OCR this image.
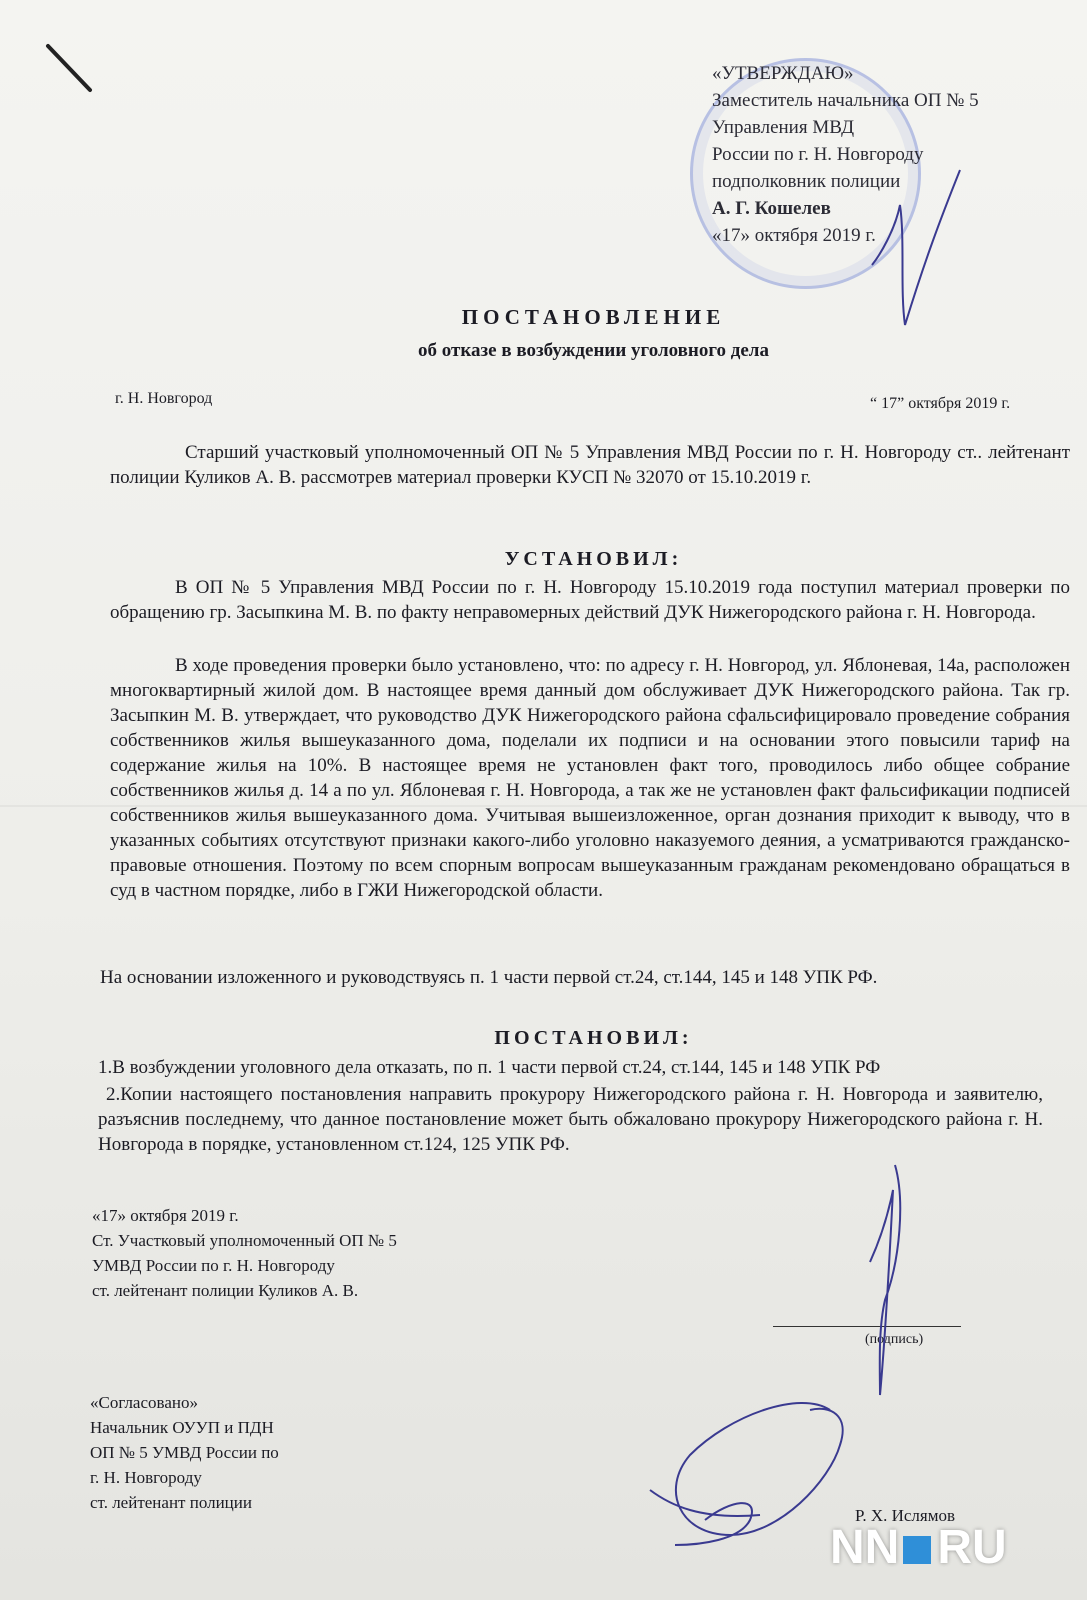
«УТВЕРЖДАЮ»
Заместитель начальника ОП № 5
Управления МВД
России по г. Н. Новгороду
подполковник полиции
А. Г. Кошелев
«17» октября 2019 г.
ПОСТАНОВЛЕНИЕ
об отказе в возбуждении уголовного дела
г. Н. Новгород	“ 17” октября 2019 г.
Старший участковый уполномоченный ОП № 5 Управления МВД России по г. Н. Новгороду ст.. лейтенант полиции Куликов А. В. рассмотрев материал проверки КУСП № 32070 от 15.10.2019 г.
УСТАНОВИЛ:
В ОП № 5 Управления МВД России по г. Н. Новгороду 15.10.2019 года поступил материал проверки по обращению гр. Засыпкина М. В. по факту неправомерных действий ДУК Нижегородского района г. Н. Новгорода.
В ходе проведения проверки было установлено, что: по адресу г. Н. Новгород, ул. Яблоневая, 14а, расположен многоквартирный жилой дом. В настоящее время данный дом обслуживает ДУК Нижегородского района. Так гр. Засыпкин М. В. утверждает, что руководство ДУК Нижегородского района сфальсифицировало проведение собрания собственников жилья вышеуказанного дома, поделали их подписи и на основании этого повысили тариф на содержание жилья на 10%. В настоящее время не установлен факт того, проводилось либо общее собрание собственников жилья д. 14 а по ул. Яблоневая г. Н. Новгорода, а так же не установлен факт фальсификации подписей собственников жилья вышеуказанного дома. Учитывая вышеизложенное, орган дознания приходит к выводу, что в указанных событиях отсутствуют признаки какого-либо уголовно наказуемого деяния, а усматриваются гражданско-правовые отношения. Поэтому по всем спорным вопросам вышеуказанным гражданам рекомендовано обращаться в суд в частном порядке, либо в ГЖИ Нижегородской области.
На основании изложенного и руководствуясь п. 1 части первой ст.24, ст.144, 145 и 148 УПК РФ.
ПОСТАНОВИЛ:
1.В возбуждении уголовного дела отказать, по п. 1 части первой ст.24, ст.144, 145 и 148 УПК РФ
2.Копии настоящего постановления направить прокурору Нижегородского района г. Н. Новгорода и заявителю, разъяснив последнему, что данное постановление может быть обжаловано прокурору Нижегородского района г. Н. Новгорода в порядке, установленном ст.124, 125 УПК РФ.
«17» октября 2019 г.
Ст. Участковый уполномоченный ОП № 5
УМВД России по г. Н. Новгороду
ст. лейтенант полиции Куликов А. В.
(подпись)
«Согласовано»
Начальник ОУУП и ПДН
ОП № 5 УМВД России по
г. Н. Новгороду
ст. лейтенант полиции
Р. Х. Ислямов
NN RU
